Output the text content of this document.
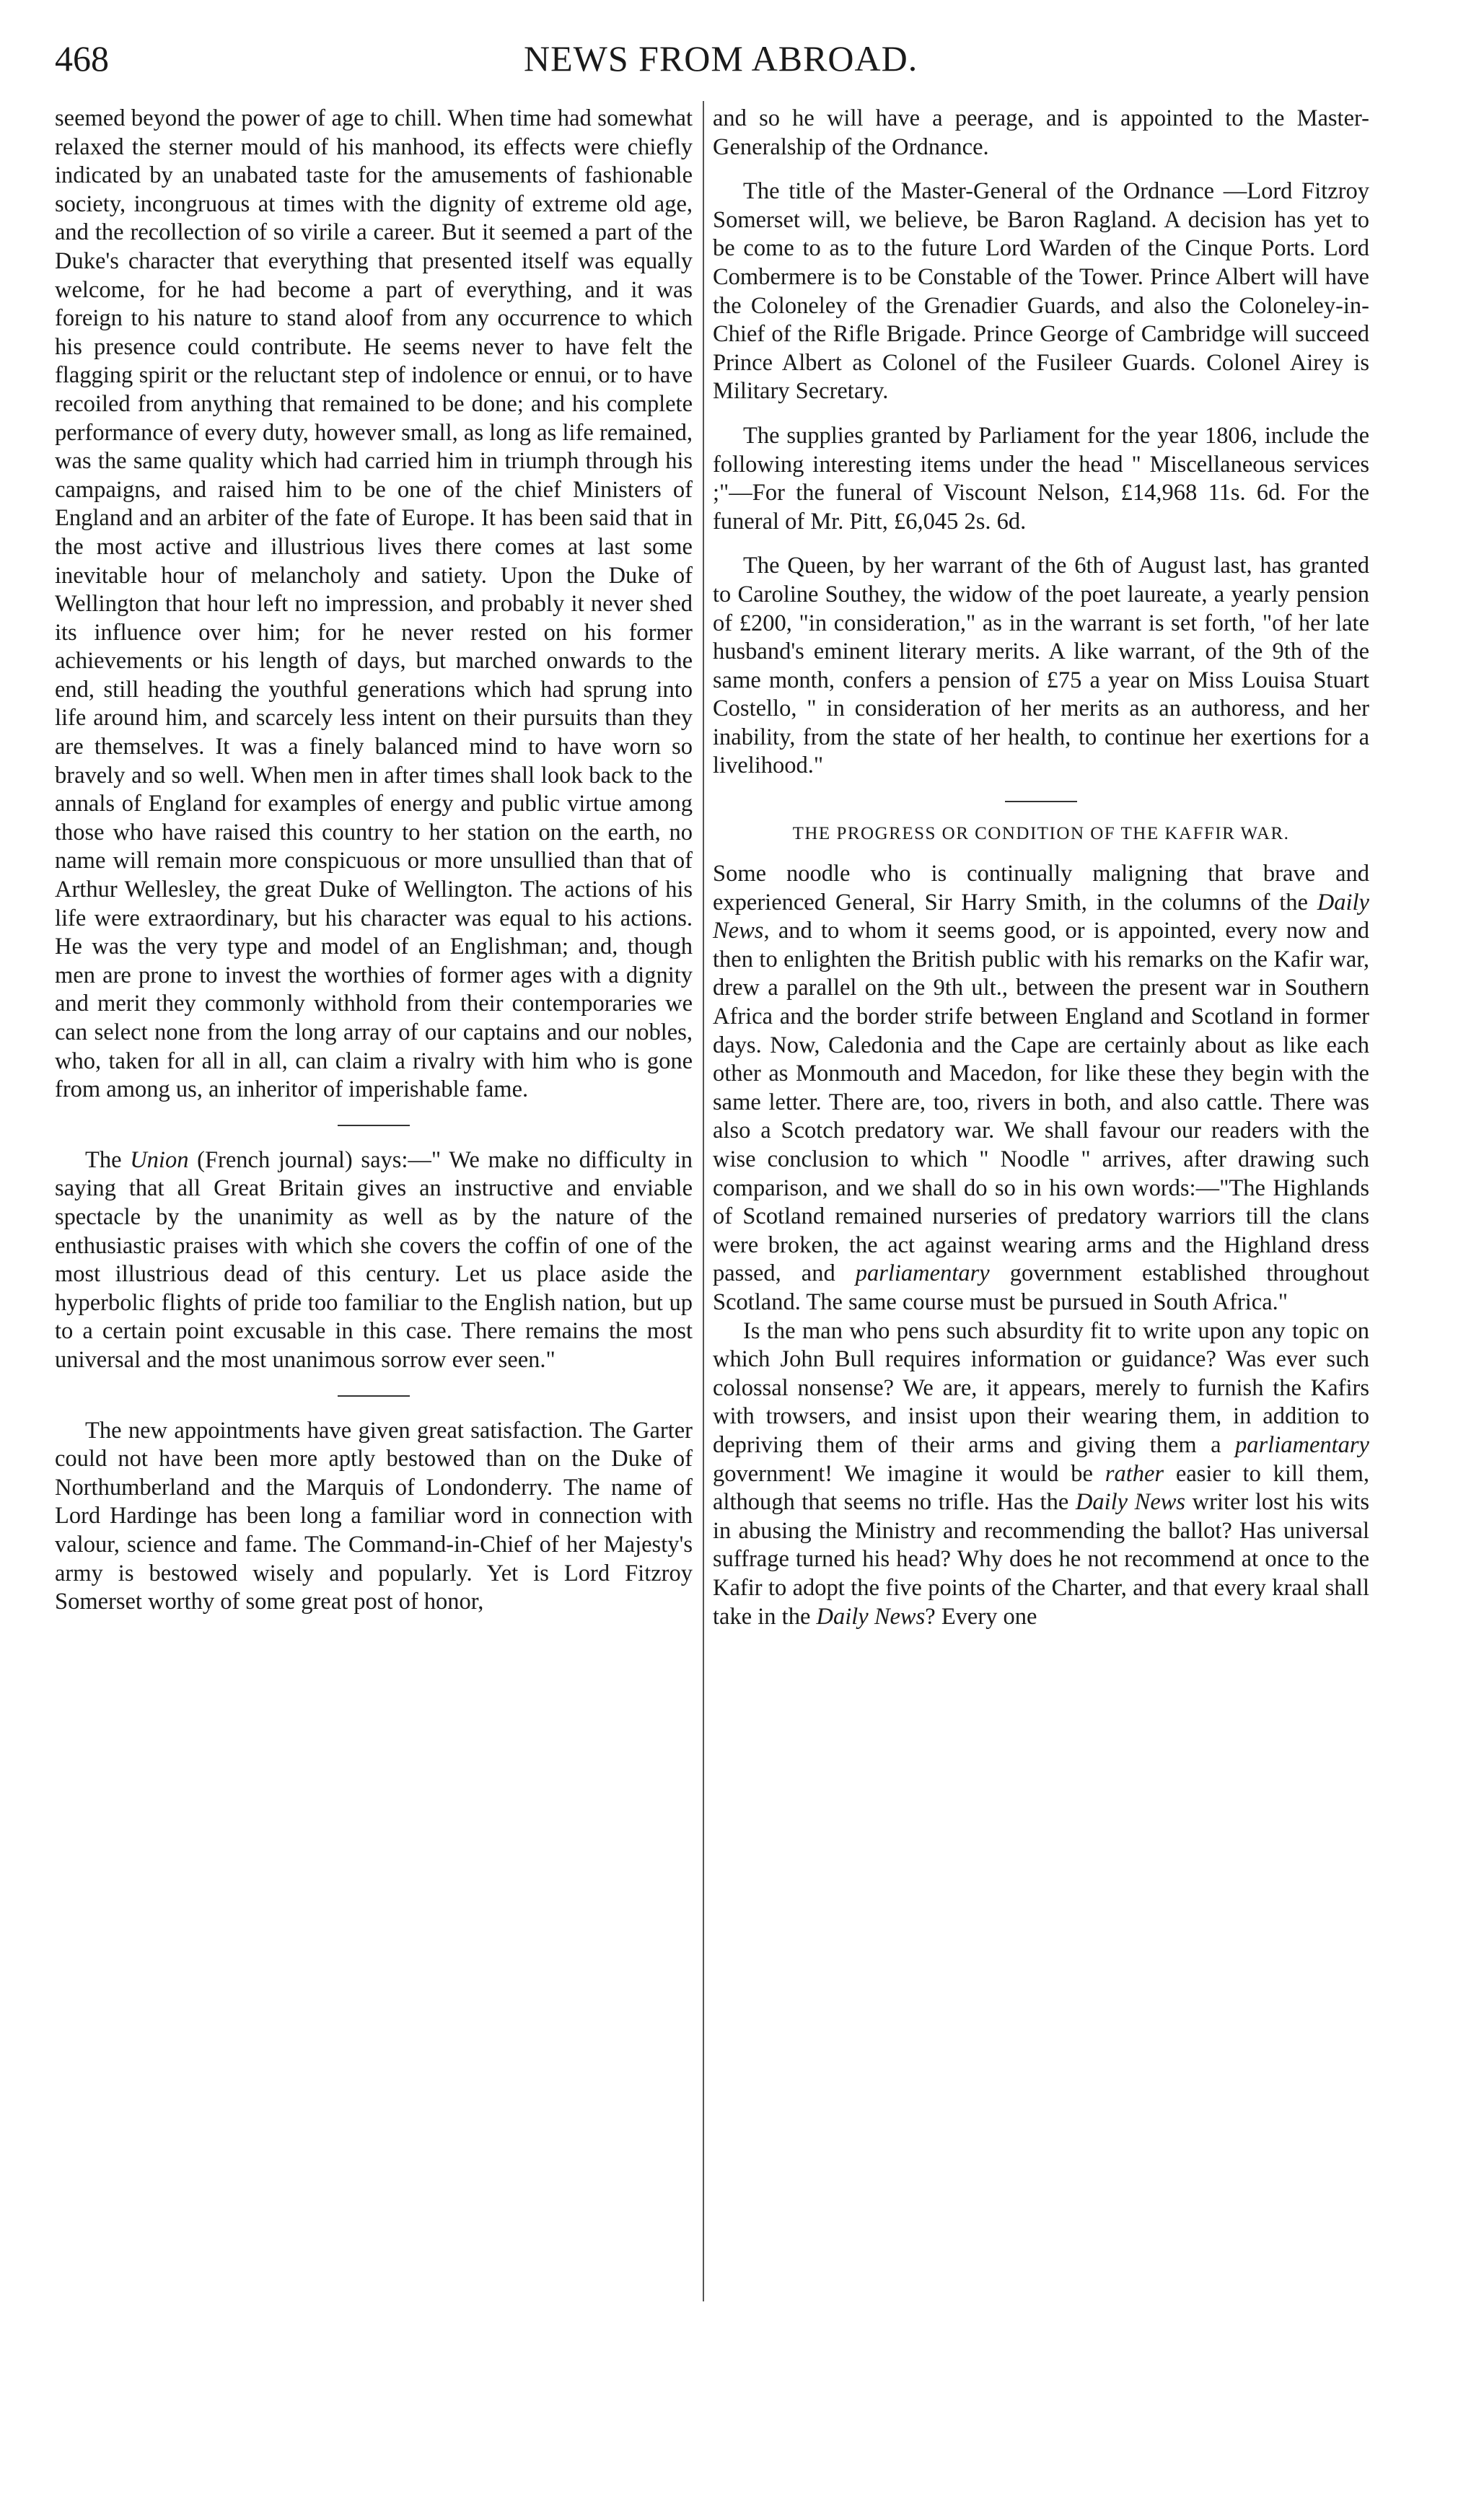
468	NEWS FROM ABROAD.

seemed beyond the power of age to chill. When time had somewhat relaxed the sterner mould of his manhood, its effects were chiefly indicated by an unabated taste for the amusements of fashionable society, incongruous at times with the dignity of extreme old age, and the recollection of so virile a career. But it seemed a part of the Duke's character that everything that presented itself was equally welcome, for he had become a part of everything, and it was foreign to his nature to stand aloof from any occurrence to which his presence could contribute. He seems never to have felt the flagging spirit or the reluctant step of indolence or ennui, or to have recoiled from anything that remained to be done; and his complete performance of every duty, however small, as long as life remained, was the same quality which had carried him in triumph through his campaigns, and raised him to be one of the chief Ministers of England and an arbiter of the fate of Europe. It has been said that in the most active and illustrious lives there comes at last some inevitable hour of melancholy and satiety. Upon the Duke of Wellington that hour left no impression, and probably it never shed its influence over him; for he never rested on his former achievements or his length of days, but marched onwards to the end, still heading the youthful generations which had sprung into life around him, and scarcely less intent on their pursuits than they are themselves. It was a finely balanced mind to have worn so bravely and so well. When men in after times shall look back to the annals of England for examples of energy and public virtue among those who have raised this country to her station on the earth, no name will remain more conspicuous or more unsullied than that of Arthur Wellesley, the great Duke of Wellington. The actions of his life were extraordinary, but his character was equal to his actions. He was the very type and model of an Englishman; and, though men are prone to invest the worthies of former ages with a dignity and merit they commonly withhold from their contemporaries we can select none from the long array of our captains and our nobles, who, taken for all in all, can claim a rivalry with him who is gone from among us, an inheritor of imperishable fame.

The Union (French journal) says:—" We make no difficulty in saying that all Great Britain gives an instructive and enviable spectacle by the unanimity as well as by the nature of the enthusiastic praises with which she covers the coffin of one of the most illustrious dead of this century. Let us place aside the hyperbolic flights of pride too familiar to the English nation, but up to a certain point excusable in this case. There remains the most universal and the most unanimous sorrow ever seen."

The new appointments have given great satisfaction. The Garter could not have been more aptly bestowed than on the Duke of Northumberland and the Marquis of Londonderry. The name of Lord Hardinge has been long a familiar word in connection with valour, science and fame. The Command-in-Chief of her Majesty's army is bestowed wisely and popularly. Yet is Lord Fitzroy Somerset worthy of some great post of honor,

and so he will have a peerage, and is appointed to the Master-Generalship of the Ordnance.

The title of the Master-General of the Ordnance —Lord Fitzroy Somerset will, we believe, be Baron Ragland. A decision has yet to be come to as to the future Lord Warden of the Cinque Ports. Lord Combermere is to be Constable of the Tower. Prince Albert will have the Coloneley of the Grenadier Guards, and also the Coloneley-in-Chief of the Rifle Brigade. Prince George of Cambridge will succeed Prince Albert as Colonel of the Fusileer Guards. Colonel Airey is Military Secretary.

The supplies granted by Parliament for the year 1806, include the following interesting items under the head " Miscellaneous services ;"—For the funeral of Viscount Nelson, £14,968 11s. 6d. For the funeral of Mr. Pitt, £6,045 2s. 6d.

The Queen, by her warrant of the 6th of August last, has granted to Caroline Southey, the widow of the poet laureate, a yearly pension of £200, "in consideration," as in the warrant is set forth, "of her late husband's eminent literary merits. A like warrant, of the 9th of the same month, confers a pension of £75 a year on Miss Louisa Stuart Costello, " in consideration of her merits as an authoress, and her inability, from the state of her health, to continue her exertions for a livelihood."

THE PROGRESS OR CONDITION OF THE KAFFIR WAR.

Some noodle who is continually maligning that brave and experienced General, Sir Harry Smith, in the columns of the Daily News, and to whom it seems good, or is appointed, every now and then to enlighten the British public with his remarks on the Kafir war, drew a parallel on the 9th ult., between the present war in Southern Africa and the border strife between England and Scotland in former days. Now, Caledonia and the Cape are certainly about as like each other as Monmouth and Macedon, for like these they begin with the same letter. There are, too, rivers in both, and also cattle. There was also a Scotch predatory war. We shall favour our readers with the wise conclusion to which " Noodle " arrives, after drawing such comparison, and we shall do so in his own words:—"The Highlands of Scotland remained nurseries of predatory warriors till the clans were broken, the act against wearing arms and the Highland dress passed, and parliamentary government established throughout Scotland. The same course must be pursued in South Africa."

Is the man who pens such absurdity fit to write upon any topic on which John Bull requires information or guidance? Was ever such colossal nonsense? We are, it appears, merely to furnish the Kafirs with trowsers, and insist upon their wearing them, in addition to depriving them of their arms and giving them a parliamentary government! We imagine it would be rather easier to kill them, although that seems no trifle. Has the Daily News writer lost his wits in abusing the Ministry and recommending the ballot? Has universal suffrage turned his head? Why does he not recommend at once to the Kafir to adopt the five points of the Charter, and that every kraal shall take in the Daily News? Every one
